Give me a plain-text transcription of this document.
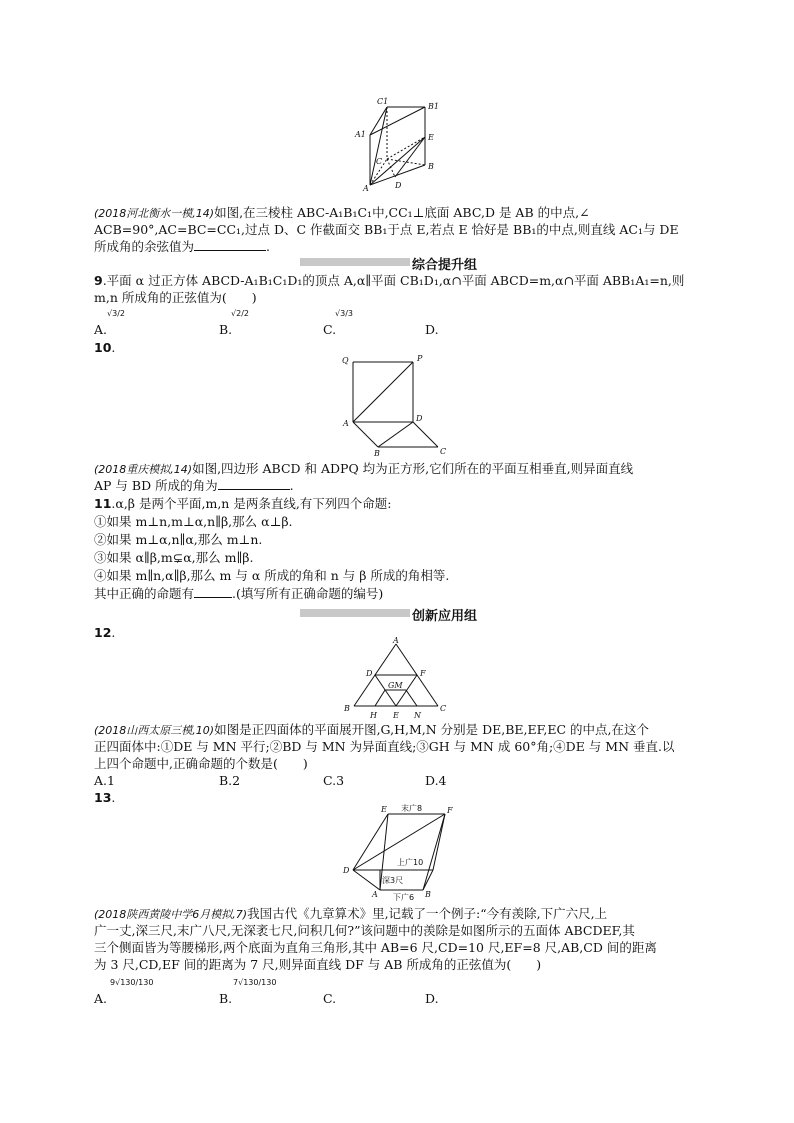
C1
B1
A1	E
C
B
A	D
(2018河北衡水一模,14)如图,在三棱柱 ABC-A₁B₁C₁中,CC₁⊥底面 ABC,D 是 AB 的中点,∠
ACB=90°,AC=BC=CC₁,过点 D、C 作截面交 BB₁于点 E,若点 E 恰好是 BB₁的中点,则直线 AC₁与 DE
所成角的余弦值为	.
综合提升组
9.平面 α 过正方体 ABCD-A₁B₁C₁D₁的顶点 A,α∥平面 CB₁D₁,α∩平面 ABCD=m,α∩平面 ABB₁A₁=n,则
m,n 所成角的正弦值为(　　)
√3/2	√2/2	√3/3
A.	B.	C.	D.
10.
Q	P
A
D
B	C
(2018重庆模拟,14)如图,四边形 ABCD 和 ADPQ 均为正方形,它们所在的平面互相垂直,则异面直线
AP 与 BD 所成的角为	.
11.α,β 是两个平面,m,n 是两条直线,有下列四个命题:
①如果 m⊥n,m⊥α,n∥β,那么 α⊥β.
②如果 m⊥α,n∥α,那么 m⊥n.
③如果 α∥β,m⊊α,那么 m∥β.
④如果 m∥n,α∥β,那么 m 与 α 所成的角和 n 与 β 所成的角相等.
其中正确的命题有	.(填写所有正确命题的编号)
创新应用组
12.
A
D	F
GM
B
H E N
C
(2018山西太原三模,10)如图是正四面体的平面展开图,G,H,M,N 分别是 DE,BE,EF,EC 的中点,在这个
正四面体中:①DE 与 MN 平行;②BD 与 MN 为异面直线;③GH 与 MN 成 60°角;④DE 与 MN 垂直.以
上四个命题中,正确命题的个数是(　　)
A.1	B.2	C.3	D.4
13.
E 末广8	F
上广10
D
深3尺
A 下广6 B
(2018陕西黄陵中学6月模拟,7)我国古代《九章算术》里,记载了一个例子:“今有羡除,下广六尺,上
广一丈,深三尺,末广八尺,无深袤七尺,问积几何?”该问题中的羡除是如图所示的五面体 ABCDEF,其
三个侧面皆为等腰梯形,两个底面为直角三角形,其中 AB=6 尺,CD=10 尺,EF=8 尺,AB,CD 间的距离
为 3 尺,CD,EF 间的距离为 7 尺,则异面直线 DF 与 AB 所成角的正弦值为(　　)
9√130/130	7√130/130
A.	B.	C.	D.
